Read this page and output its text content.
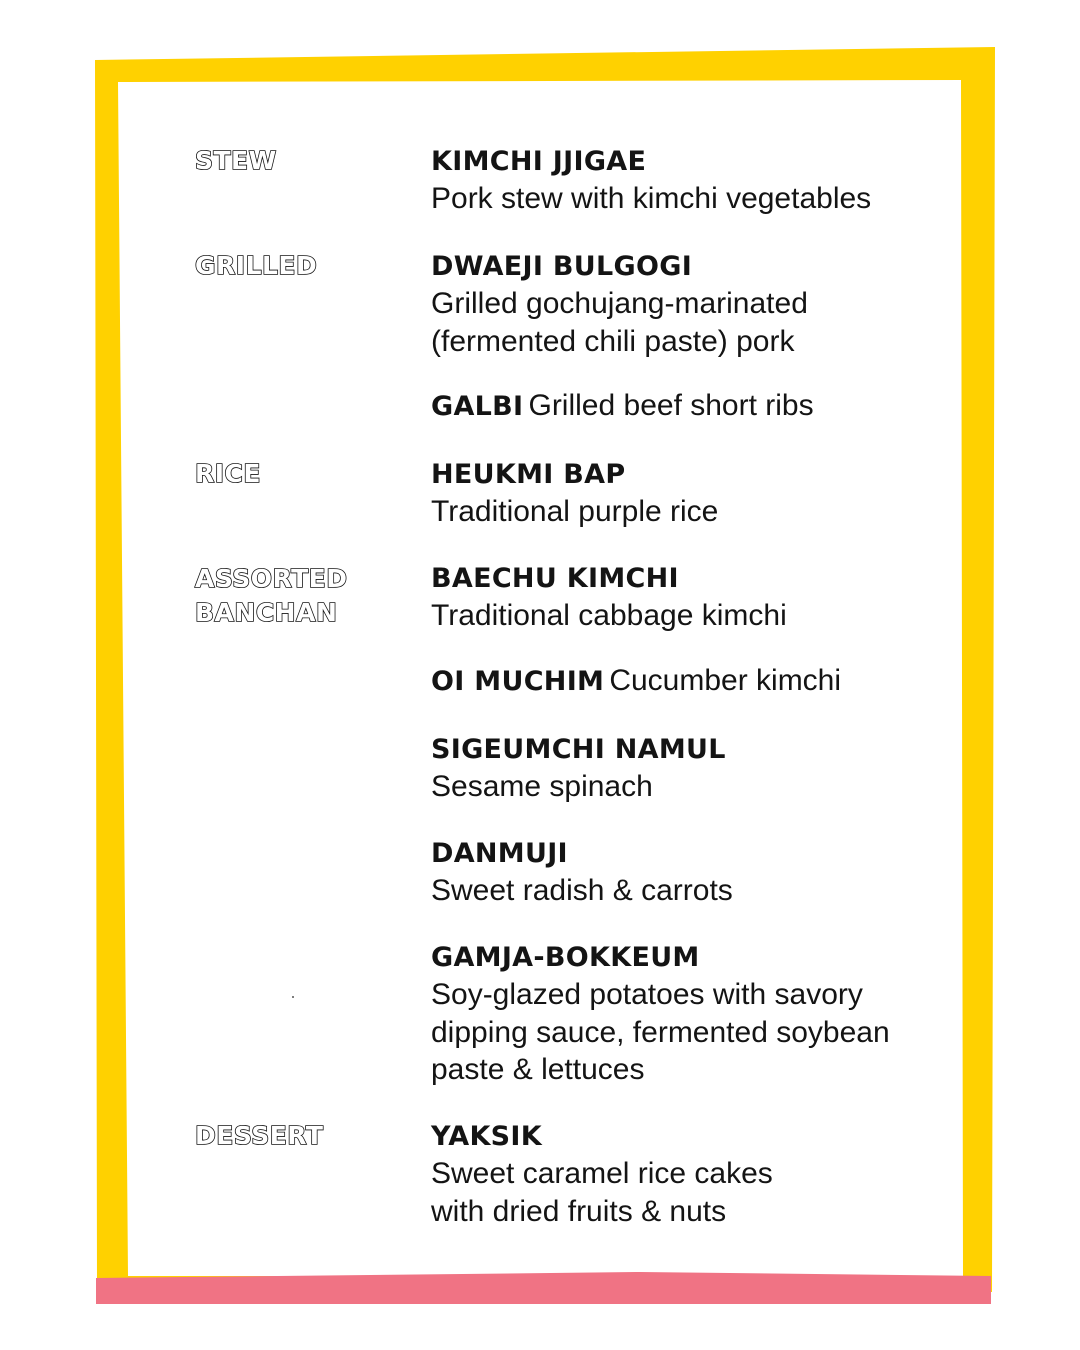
STEW
GRILLED
RICE
ASSORTED
BANCHAN
DESSERT
KIMCHI JJIGAE
Pork stew with kimchi vegetables
DWAEJI BULGOGI
Grilled gochujang-marinated
(fermented chili paste) pork
GALBI Grilled beef short ribs
HEUKMI BAP
Traditional purple rice
BAECHU KIMCHI
Traditional cabbage kimchi
OI MUCHIM Cucumber kimchi
SIGEUMCHI NAMUL
Sesame spinach
DANMUJI
Sweet radish & carrots
GAMJA-BOKKEUM
Soy-glazed potatoes with savory
dipping sauce, fermented soybean
paste & lettuces
YAKSIK
Sweet caramel rice cakes
with dried fruits & nuts
